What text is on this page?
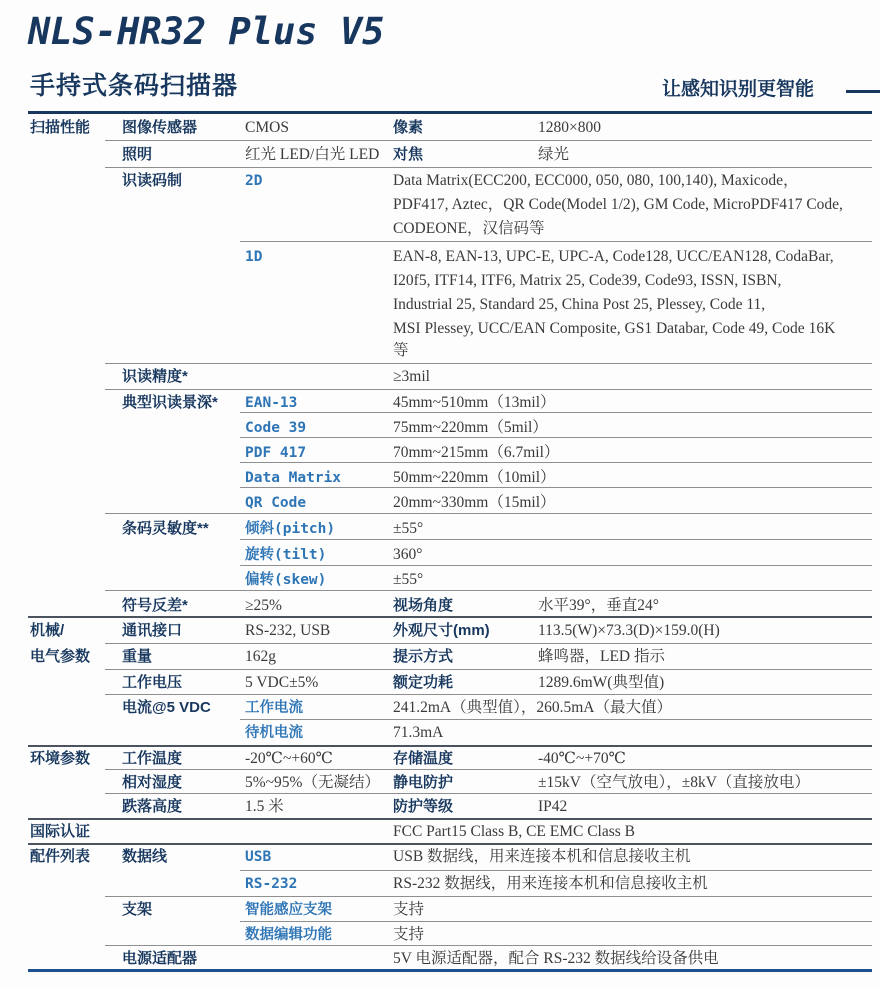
NLS-HR32 Plus V5
手持式条码扫描器	让感知识别更智能
扫描性能 图像传感器	CMOS	像素	1280×800
照明	红光 LED/白光 LED 对焦	绿光
识读码制	2D	Data Matrix(ECC200, ECC000, 050, 080, 100,140), Maxicode，
PDF417, Aztec，QR Code(Model 1/2), GM Code, MicroPDF417 Code,
CODEONE，汉信码等
1D	EAN-8, EAN-13, UPC-E, UPC-A, Code128, UCC/EAN128, CodaBar,
I20f5, ITF14, ITF6, Matrix 25, Code39, Code93, ISSN, ISBN,
Industrial 25, Standard 25, China Post 25, Plessey, Code 11,
MSI Plessey, UCC/EAN Composite, GS1 Databar, Code 49, Code 16K
等
识读精度*	≥3mil
典型识读景深* EAN-13	45mm~510mm（13mil）
Code 39	75mm~220mm（5mil）
PDF 417	70mm~215mm（6.7mil）
Data Matrix	50mm~220mm（10mil）
QR Code	20mm~330mm（15mil）
条码灵敏度**	倾斜(pitch)	±55°
旋转(tilt)	360°
偏转(skew)	±55°
符号反差*	≥25%	视场角度	水平39°，垂直24°
机械/
电气参数
通讯接口	RS-232, USB	外观尺寸(mm)	113.5(W)×73.3(D)×159.0(H)
重量	162g	提示方式	蜂鸣器，LED 指示
工作电压	5 VDC±5%	额定功耗	1289.6mW(典型值)
电流@5 VDC 工作电流	241.2mA（典型值），260.5mA（最大值）
待机电流	71.3mA
环境参数 工作温度	-20℃~+60℃	存储温度	-40℃~+70℃
相对湿度	5%~95%（无凝结） 静电防护	±15kV（空气放电），±8kV（直接放电）
跌落高度	1.5 米	防护等级	IP42
国际认证	FCC Part15 Class B, CE EMC Class B
配件列表 数据线	USB	USB 数据线，用来连接本机和信息接收主机
RS-232	RS-232 数据线，用来连接本机和信息接收主机
支架	智能感应支架	支持
数据编辑功能	支持
电源适配器	5V 电源适配器，配合 RS-232 数据线给设备供电
